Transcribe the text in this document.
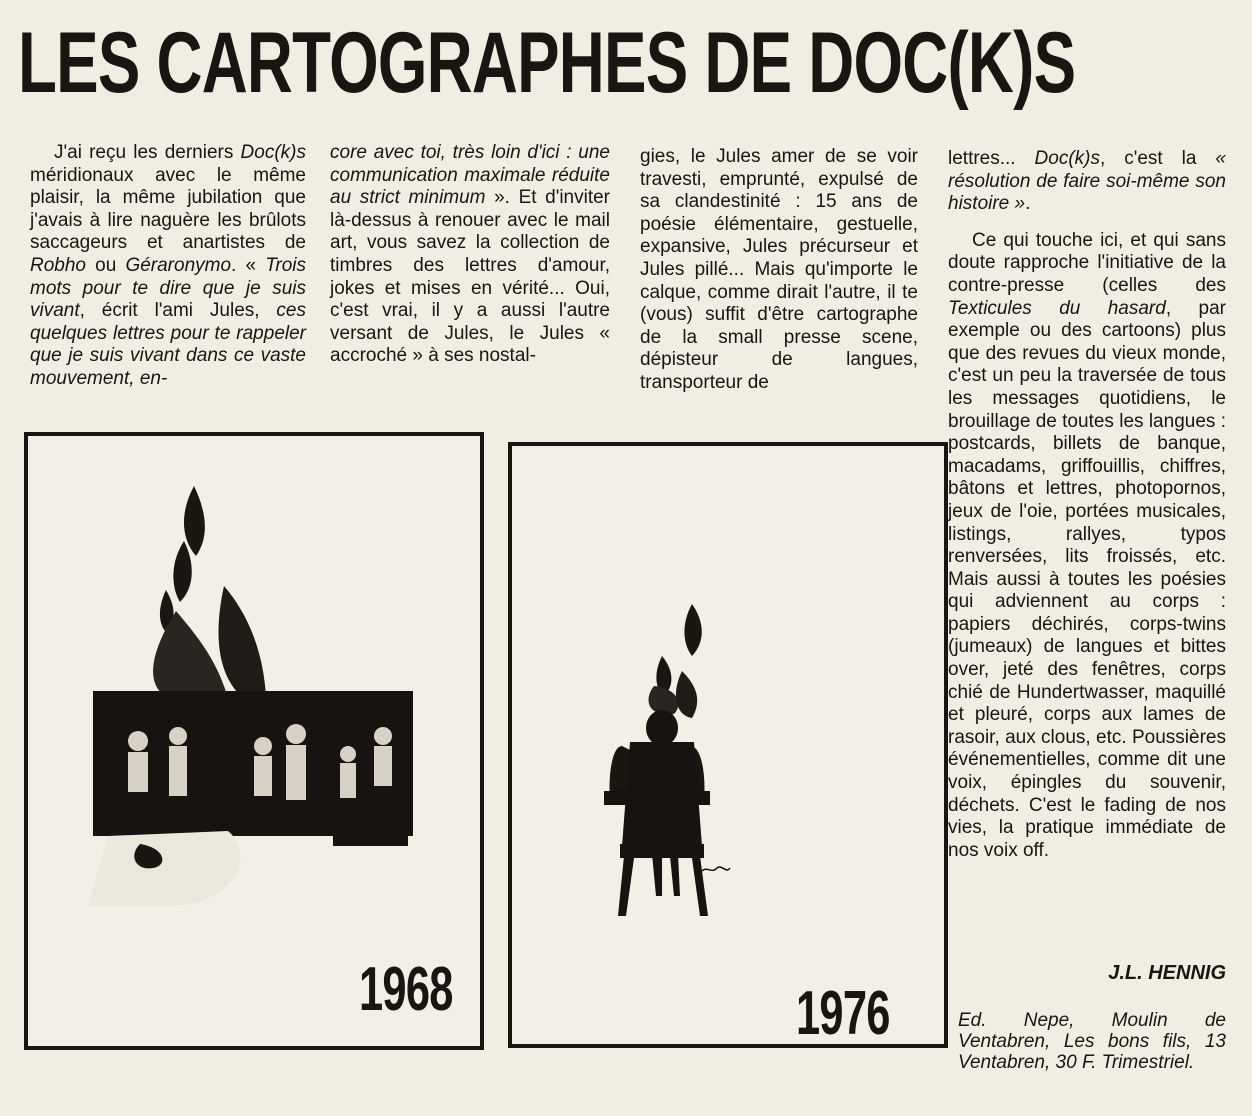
LES CARTOGRAPHES DE DOC(K)S

J'ai reçu les derniers Doc(k)s méridionaux avec le même plaisir, la même jubilation que j'avais à lire naguère les brûlots saccageurs et anartistes de Robho ou Géraronymo. « Trois mots pour te dire que je suis vivant, écrit l'ami Jules, ces quelques lettres pour te rappeler que je suis vivant dans ce vaste mouvement, en-

core avec toi, très loin d'ici : une communication maximale réduite au strict minimum ». Et d'inviter là-dessus à renouer avec le mail art, vous savez la collection de timbres des lettres d'amour, jokes et mises en vérité... Oui, c'est vrai, il y a aussi l'autre versant de Jules, le Jules « accroché » à ses nostal-

gies, le Jules amer de se voir travesti, emprunté, expulsé de sa clandestinité : 15 ans de poésie élémentaire, gestuelle, expansive, Jules précurseur et Jules pillé... Mais qu'importe le calque, comme dirait l'autre, il te (vous) suffit d'être cartographe de la small presse scene, dépisteur de langues, transporteur de

lettres... Doc(k)s, c'est la « résolution de faire soi-même son histoire ».

Ce qui touche ici, et qui sans doute rapproche l'initiative de la contre-presse (celles des Texticules du hasard, par exemple ou des cartoons) plus que des revues du vieux monde, c'est un peu la traversée de tous les messages quotidiens, le brouillage de toutes les langues : postcards, billets de banque, macadams, griffouillis, chiffres, bâtons et lettres, photopornos, jeux de l'oie, portées musicales, listings, rallyes, typos renversées, lits froissés, etc. Mais aussi à toutes les poésies qui adviennent au corps : papiers déchirés, corps-twins (jumeaux) de langues et bittes over, jeté des fenêtres, corps chié de Hundertwasser, maquillé et pleuré, corps aux lames de rasoir, aux clous, etc. Poussières événementielles, comme dit une voix, épingles du souvenir, déchets. C'est le fading de nos vies, la pratique immédiate de nos voix off.

J.L. HENNIG
Ed. Nepe, Moulin de Ventabren, Les bons fils, 13 Ventabren, 30 F. Trimestriel.
1968	1976
